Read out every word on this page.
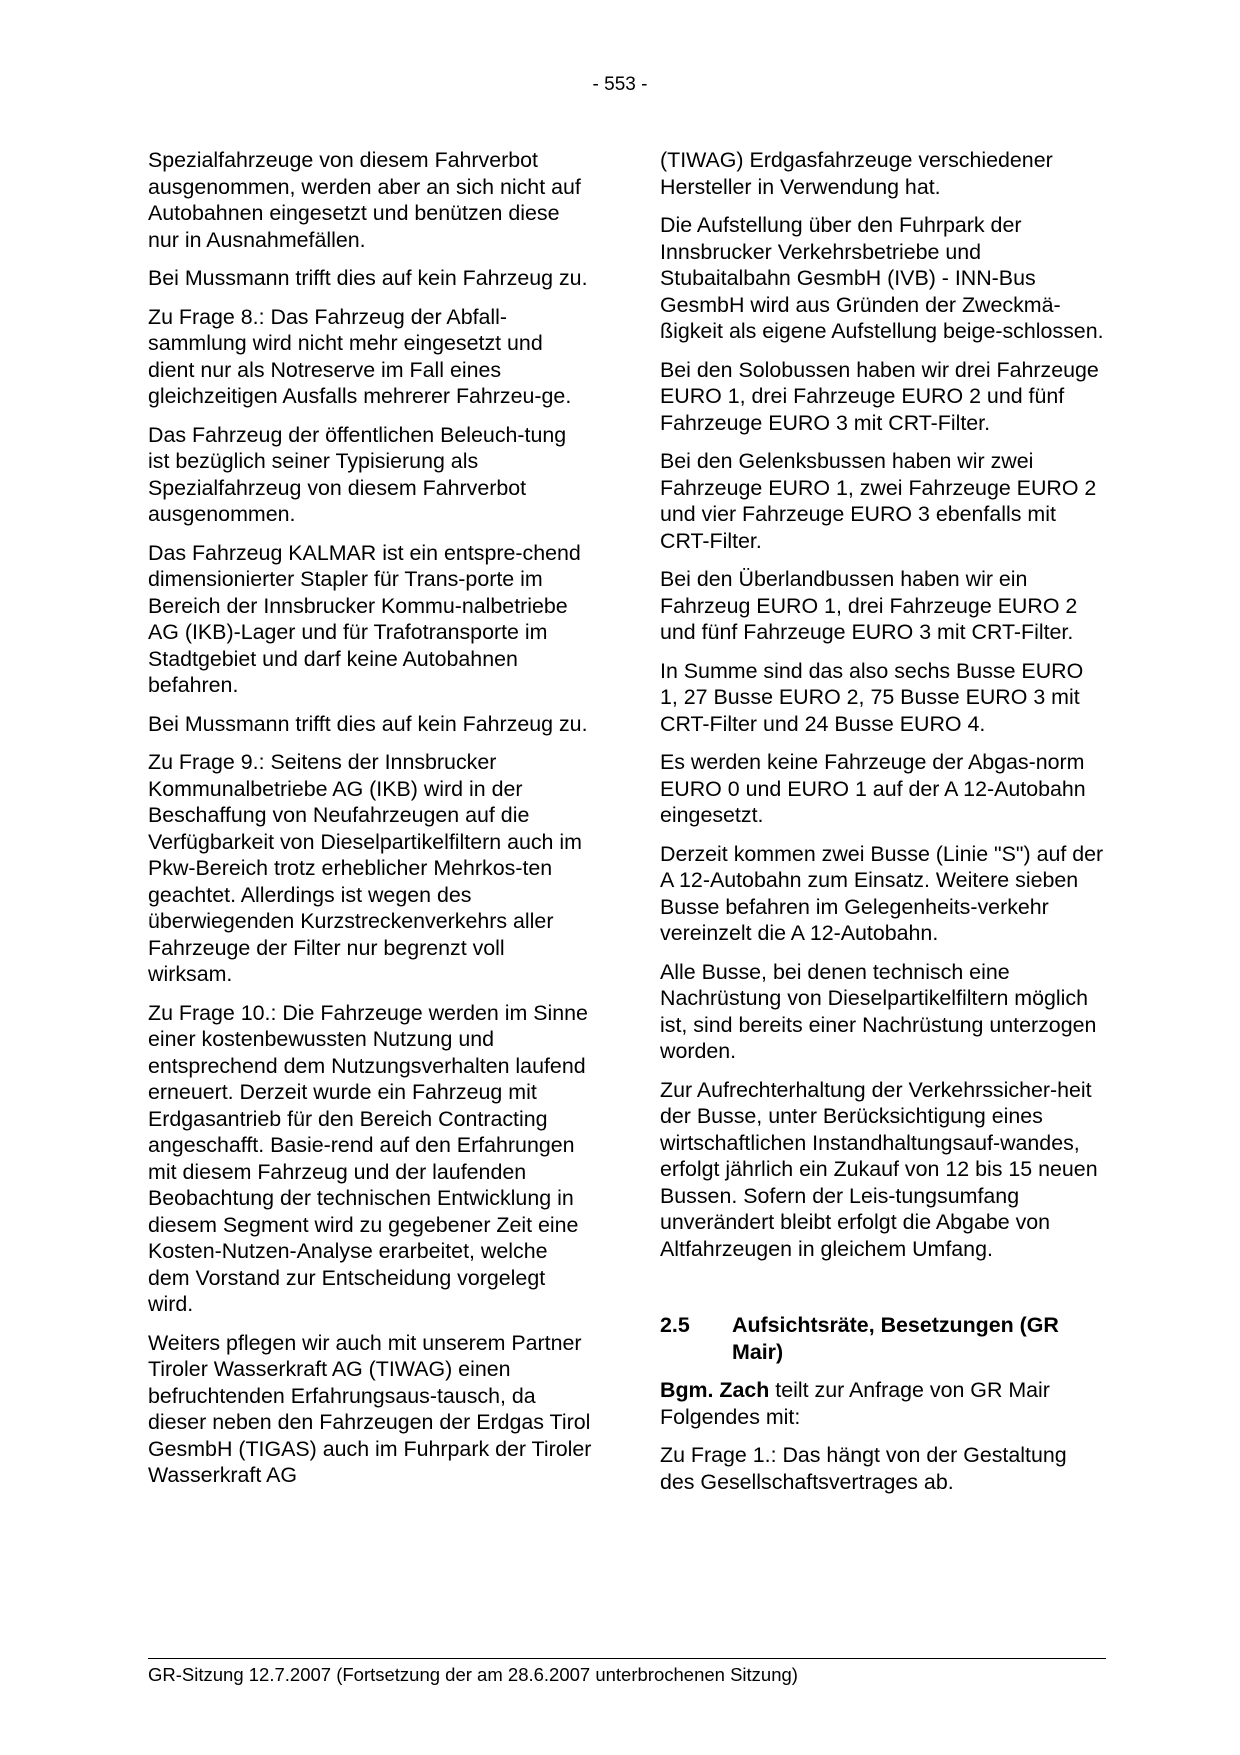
- 553 -

Spezialfahrzeuge von diesem Fahrverbot ausgenommen, werden aber an sich nicht auf Autobahnen eingesetzt und benützen diese nur in Ausnahmefällen.

Bei Mussmann trifft dies auf kein Fahrzeug zu.

Zu Frage 8.: Das Fahrzeug der Abfall-sammlung wird nicht mehr eingesetzt und dient nur als Notreserve im Fall eines gleichzeitigen Ausfalls mehrerer Fahrzeu-ge.

Das Fahrzeug der öffentlichen Beleuch-tung ist bezüglich seiner Typisierung als Spezialfahrzeug von diesem Fahrverbot ausgenommen.

Das Fahrzeug KALMAR ist ein entspre-chend dimensionierter Stapler für Trans-porte im Bereich der Innsbrucker Kommu-nalbetriebe AG (IKB)-Lager und für Trafotransporte im Stadtgebiet und darf keine Autobahnen befahren.

Bei Mussmann trifft dies auf kein Fahrzeug zu.

Zu Frage 9.: Seitens der Innsbrucker Kommunalbetriebe AG (IKB) wird in der Beschaffung von Neufahrzeugen auf die Verfügbarkeit von Dieselpartikelfiltern auch im Pkw-Bereich trotz erheblicher Mehrkos-ten geachtet. Allerdings ist wegen des überwiegenden Kurzstreckenverkehrs aller Fahrzeuge der Filter nur begrenzt voll wirksam.

Zu Frage 10.: Die Fahrzeuge werden im Sinne einer kostenbewussten Nutzung und entsprechend dem Nutzungsverhalten laufend erneuert. Derzeit wurde ein Fahrzeug mit Erdgasantrieb für den Bereich Contracting angeschafft. Basie-rend auf den Erfahrungen mit diesem Fahrzeug und der laufenden Beobachtung der technischen Entwicklung in diesem Segment wird zu gegebener Zeit eine Kosten-Nutzen-Analyse erarbeitet, welche dem Vorstand zur Entscheidung vorgelegt wird.

Weiters pflegen wir auch mit unserem Partner Tiroler Wasserkraft AG (TIWAG) einen befruchtenden Erfahrungsaus-tausch, da dieser neben den Fahrzeugen der Erdgas Tirol GesmbH (TIGAS) auch im Fuhrpark der Tiroler Wasserkraft AG

(TIWAG) Erdgasfahrzeuge verschiedener Hersteller in Verwendung hat.

Die Aufstellung über den Fuhrpark der Innsbrucker Verkehrsbetriebe und Stubaitalbahn GesmbH (IVB) - INN-Bus GesmbH wird aus Gründen der Zweckmä-ßigkeit als eigene Aufstellung beige-schlossen.

Bei den Solobussen haben wir drei Fahrzeuge EURO 1, drei Fahrzeuge EURO 2 und fünf Fahrzeuge EURO 3 mit CRT-Filter.

Bei den Gelenksbussen haben wir zwei Fahrzeuge EURO 1, zwei Fahrzeuge EURO 2 und vier Fahrzeuge EURO 3 ebenfalls mit CRT-Filter.

Bei den Überlandbussen haben wir ein Fahrzeug EURO 1, drei Fahrzeuge EURO 2 und fünf Fahrzeuge EURO 3 mit CRT-Filter.

In Summe sind das also sechs Busse EURO 1, 27 Busse EURO 2, 75 Busse EURO 3 mit CRT-Filter und 24 Busse EURO 4.

Es werden keine Fahrzeuge der Abgas-norm EURO 0 und EURO 1 auf der A 12-Autobahn eingesetzt.

Derzeit kommen zwei Busse (Linie "S") auf der A 12-Autobahn zum Einsatz. Weitere sieben Busse befahren im Gelegenheits-verkehr vereinzelt die A 12-Autobahn.

Alle Busse, bei denen technisch eine Nachrüstung von Dieselpartikelfiltern möglich ist, sind bereits einer Nachrüstung unterzogen worden.

Zur Aufrechterhaltung der Verkehrssicher-heit der Busse, unter Berücksichtigung eines wirtschaftlichen Instandhaltungsauf-wandes, erfolgt jährlich ein Zukauf von 12 bis 15 neuen Bussen. Sofern der Leis-tungsumfang unverändert bleibt erfolgt die Abgabe von Altfahrzeugen in gleichem Umfang.

2.5	Aufsichtsräte, Besetzungen (GR Mair)

Bgm. Zach teilt zur Anfrage von GR Mair Folgendes mit:

Zu Frage 1.: Das hängt von der Gestaltung des Gesellschaftsvertrages ab.

GR-Sitzung 12.7.2007 (Fortsetzung der am 28.6.2007 unterbrochenen Sitzung)
